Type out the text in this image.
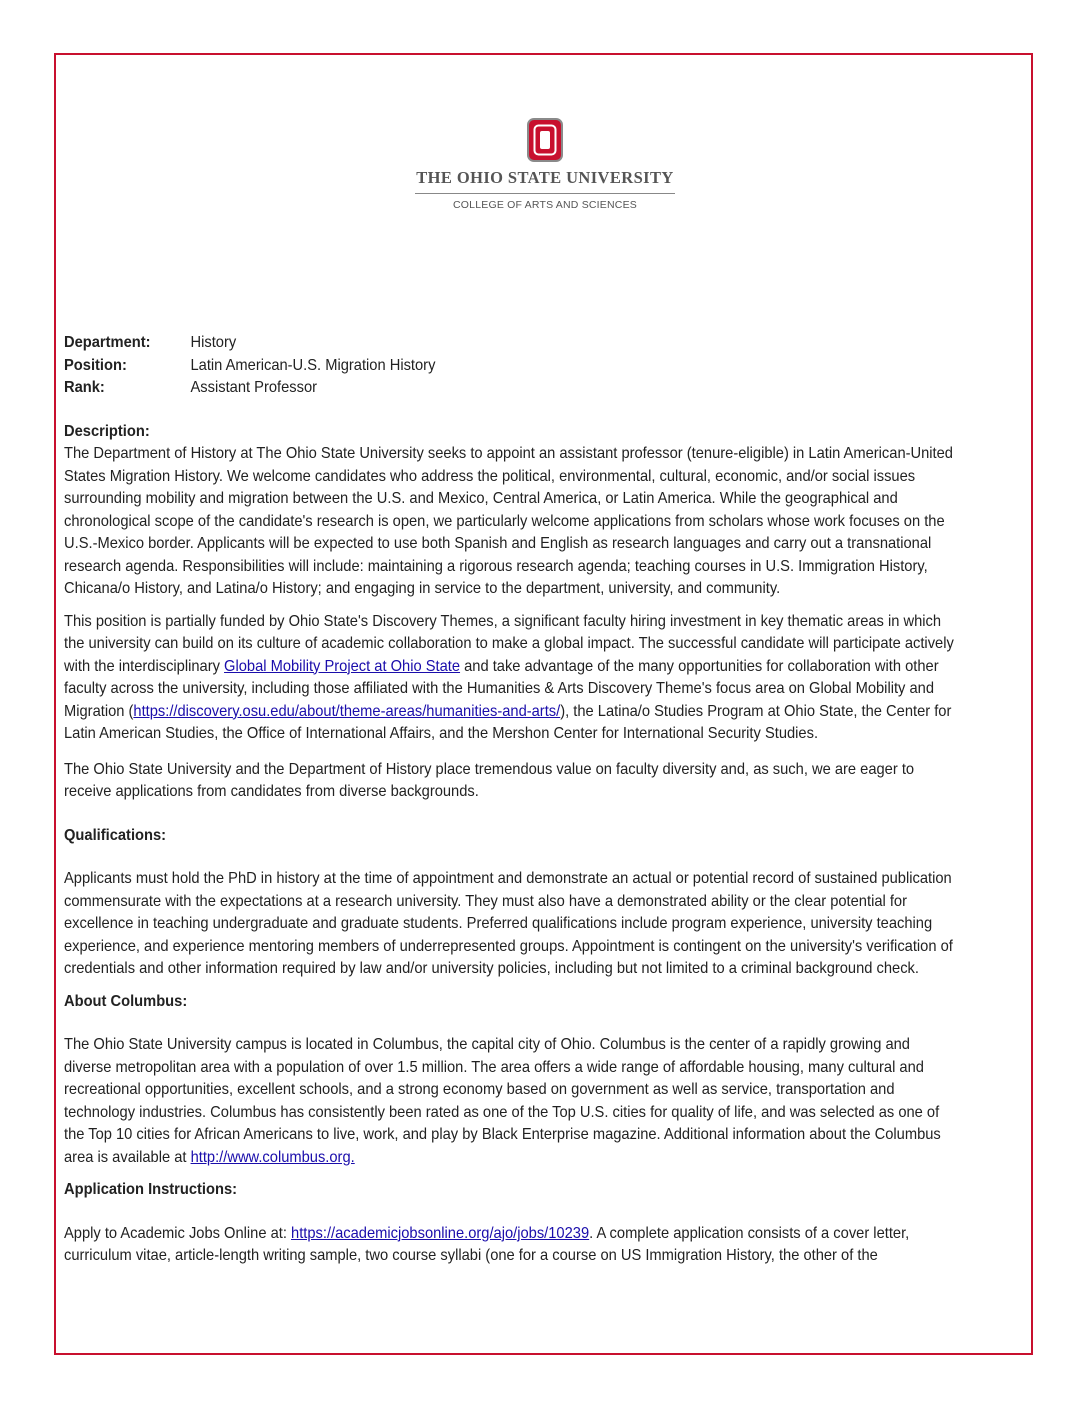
THE OHIO STATE UNIVERSITY
COLLEGE OF ARTS AND SCIENCES
Department:	History
Position:	Latin American-U.S. Migration History
Rank:	Assistant Professor

Description:

The Department of History at The Ohio State University seeks to appoint an assistant professor (tenure-eligible) in Latin American-United States Migration History. We welcome candidates who address the political, environmental, cultural, economic, and/or social issues surrounding mobility and migration between the U.S. and Mexico, Central America, or Latin America. While the geographical and chronological scope of the candidate's research is open, we particularly welcome applications from scholars whose work focuses on the U.S.-Mexico border. Applicants will be expected to use both Spanish and English as research languages and carry out a transnational research agenda. Responsibilities will include: maintaining a rigorous research agenda; teaching courses in U.S. Immigration History, Chicana/o History, and Latina/o History; and engaging in service to the department, university, and community.

This position is partially funded by Ohio State's Discovery Themes, a significant faculty hiring investment in key thematic areas in which the university can build on its culture of academic collaboration to make a global impact. The successful candidate will participate actively with the interdisciplinary Global Mobility Project at Ohio State and take advantage of the many opportunities for collaboration with other faculty across the university, including those affiliated with the Humanities & Arts Discovery Theme's focus area on Global Mobility and Migration (https://discovery.osu.edu/about/theme-areas/humanities-and-arts/), the Latina/o Studies Program at Ohio State, the Center for Latin American Studies, the Office of International Affairs, and the Mershon Center for International Security Studies.

The Ohio State University and the Department of History place tremendous value on faculty diversity and, as such, we are eager to receive applications from candidates from diverse backgrounds.

Qualifications:

Applicants must hold the PhD in history at the time of appointment and demonstrate an actual or potential record of sustained publication commensurate with the expectations at a research university. They must also have a demonstrated ability or the clear potential for excellence in teaching undergraduate and graduate students. Preferred qualifications include program experience, university teaching experience, and experience mentoring members of underrepresented groups. Appointment is contingent on the university's verification of credentials and other information required by law and/or university policies, including but not limited to a criminal background check.

About Columbus:

The Ohio State University campus is located in Columbus, the capital city of Ohio. Columbus is the center of a rapidly growing and diverse metropolitan area with a population of over 1.5 million. The area offers a wide range of affordable housing, many cultural and recreational opportunities, excellent schools, and a strong economy based on government as well as service, transportation and technology industries. Columbus has consistently been rated as one of the Top U.S. cities for quality of life, and was selected as one of the Top 10 cities for African Americans to live, work, and play by Black Enterprise magazine. Additional information about the Columbus area is available at http://www.columbus.org.

Application Instructions:

Apply to Academic Jobs Online at: https://academicjobsonline.org/ajo/jobs/10239. A complete application consists of a cover letter, curriculum vitae, article-length writing sample, two course syllabi (one for a course on US Immigration History, the other of the
